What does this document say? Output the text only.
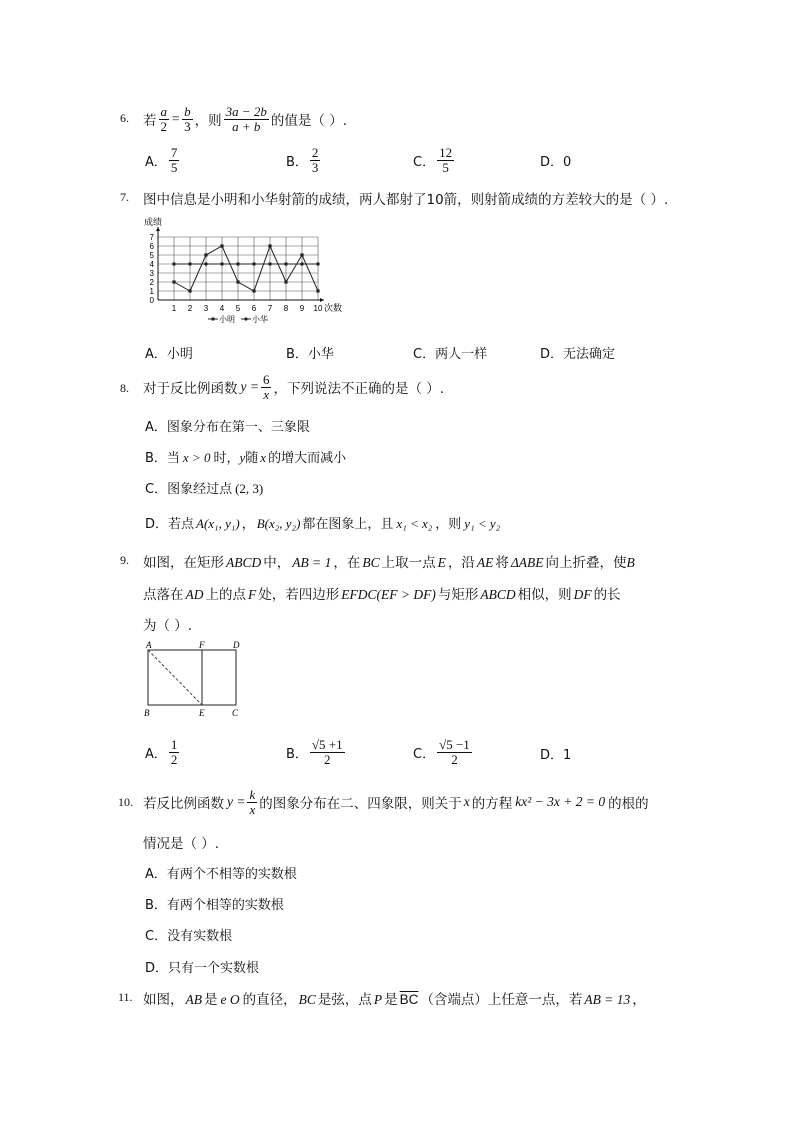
6. 若 $\frac{a}{2} = \frac{b}{3}$ ，则 $\frac{3a - 2b}{a + b}$ 的值是（ ）.
A． $\frac{7}{5}$	B． $\frac{2}{3}$	C． $\frac{12}{5}$	D．0
7. 图中信息是小明和小华射箭的成绩，两人都射了10箭，则射箭成绩的方差较大的是（ ）.
0
1
2
3
4
5
6
7
1 2 3 4 5 6 7 8 9 10
成绩
次数
小明 小华
A．小明	B．小华	C．两人一样	D．无法确定
8. 对于反比例函数 $y = \frac{6}{x}$ ，下列说法不正确的是（ ）.
A．图象分布在第一、三象限
B．当 x > 0 时，y随 x 的增大而减小
C．图象经过点 (2, 3)
D．若点 A(x₁, y₁) ， B(x₂, y₂) 都在图象上，且 x₁ < x₂ ，则 y₁ < y₂
9. 如图，在矩形 ABCD 中， AB = 1 ，在 BC 上取一点 E ，沿 AE 将 ΔABE 向上折叠，使B
点落在 AD 上的点 F 处，若四边形 EFDC(EF > DF) 与矩形 ABCD 相似，则 DF 的长
为（ ）.
A	F	D
B	E	C
A． $\frac{1}{2}$	B． $\frac{√5 +1}{2}$	C． $\frac{√5 -1}{2}$	D．1
10. 若反比例函数 $y = \frac{k}{x}$ 的图象分布在二、四象限，则关于 x 的方程 kx² − 3x + 2 = 0 的根的
情况是（ ）.
A．有两个不相等的实数根
B．有两个相等的实数根
C．没有实数根
D．只有一个实数根
11. 如图， AB 是 e O 的直径， BC 是弦，点 P 是 $\overline{BC}$ （含端点）上任意一点，若 AB = 13 ，
